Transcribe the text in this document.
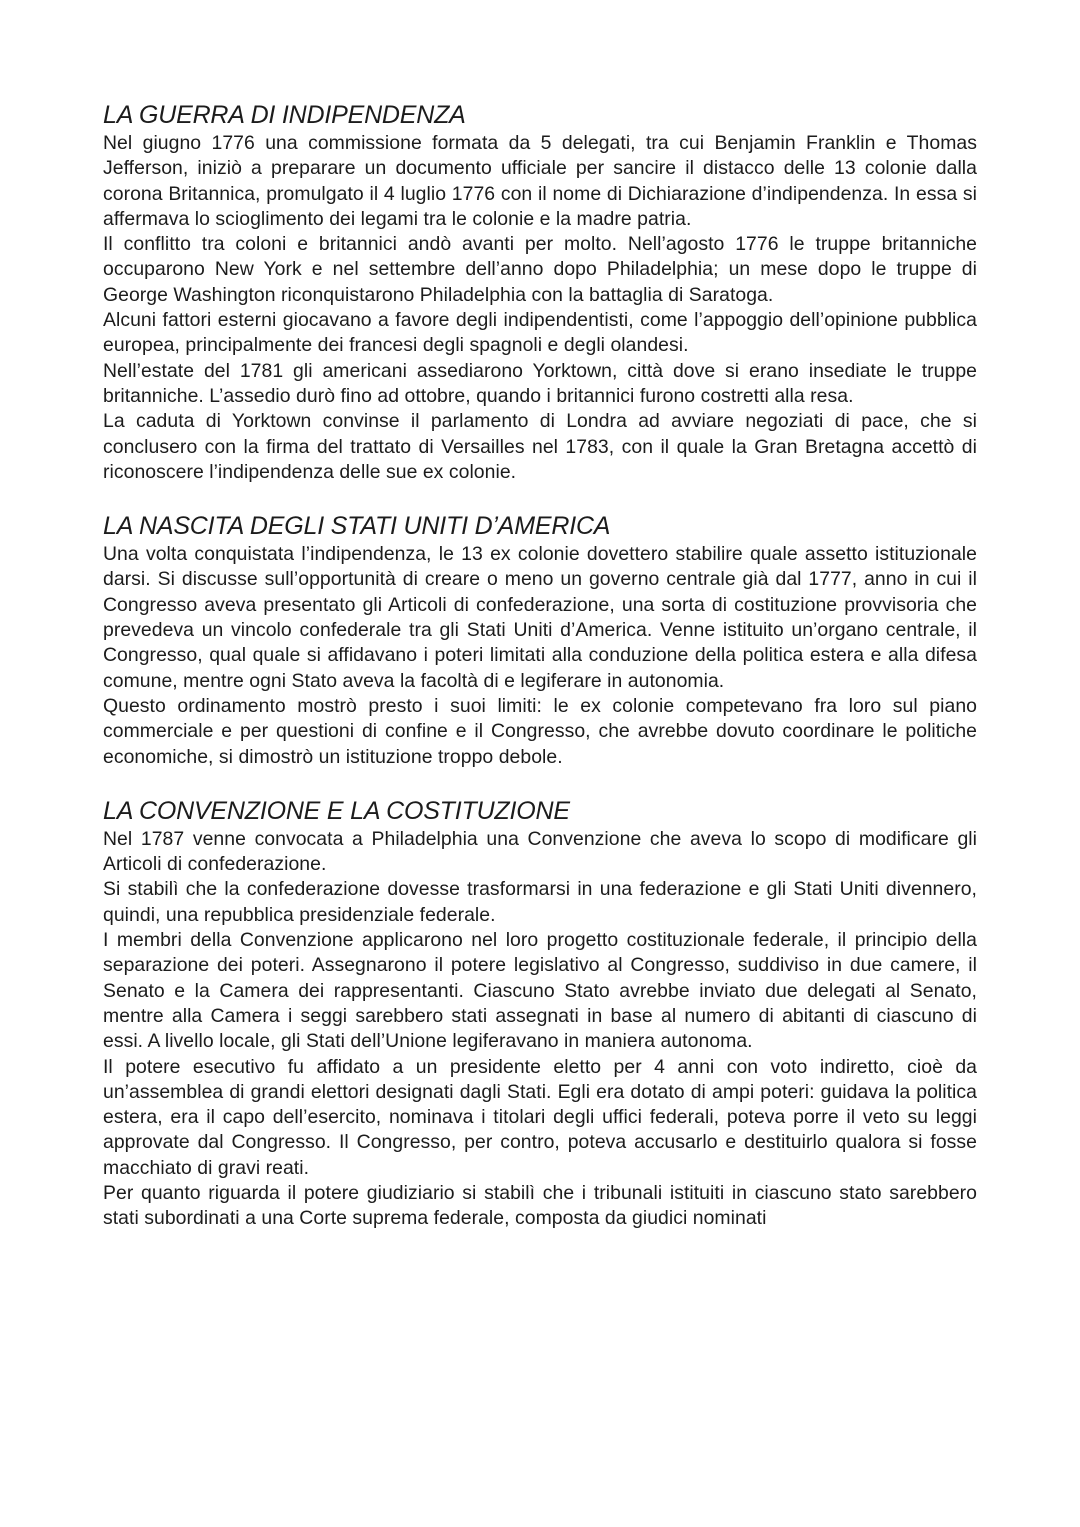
LA GUERRA DI INDIPENDENZA

Nel giugno 1776 una commissione formata da 5 delegati, tra cui Benjamin Franklin e Thomas Jefferson, iniziò a preparare un documento ufficiale per sancire il distacco delle 13 colonie dalla corona Britannica, promulgato il 4 luglio 1776 con il nome di Dichiarazione d’indipendenza. In essa si affermava lo scioglimento dei legami tra le colonie e la madre patria.

Il conflitto tra coloni e britannici andò avanti per molto. Nell’agosto 1776 le truppe britanniche occuparono New York e nel settembre dell’anno dopo Philadelphia; un mese dopo le truppe di George Washington riconquistarono Philadelphia con la battaglia di Saratoga.

Alcuni fattori esterni giocavano a favore degli indipendentisti, come l’appoggio dell’opinione pubblica europea, principalmente dei francesi degli spagnoli e degli olandesi.

Nell’estate del 1781 gli americani assediarono Yorktown, città dove si erano insediate le truppe britanniche. L’assedio durò fino ad ottobre, quando i britannici furono costretti alla resa.

La caduta di Yorktown convinse il parlamento di Londra ad avviare negoziati di pace, che si conclusero con la firma del trattato di Versailles nel 1783, con il quale la Gran Bretagna accettò di riconoscere l’indipendenza delle sue ex colonie.

LA NASCITA DEGLI STATI UNITI D’AMERICA

Una volta conquistata l’indipendenza, le 13 ex colonie dovettero stabilire quale assetto istituzionale darsi. Si discusse sull’opportunità di creare o meno un governo centrale già dal 1777, anno in cui il Congresso aveva presentato gli Articoli di confederazione, una sorta di costituzione provvisoria che prevedeva un vincolo confederale tra gli Stati Uniti d’America. Venne istituito un’organo centrale, il Congresso, qual quale si affidavano i poteri limitati alla conduzione della politica estera e alla difesa comune, mentre ogni Stato aveva la facoltà di e legiferare in autonomia.

Questo ordinamento mostrò presto i suoi limiti: le ex colonie competevano fra loro sul piano commerciale e per questioni di confine e il Congresso, che avrebbe dovuto coordinare le politiche economiche, si dimostrò un istituzione troppo debole.

LA CONVENZIONE E LA COSTITUZIONE

Nel 1787 venne convocata a Philadelphia una Convenzione che aveva lo scopo di modificare gli Articoli di confederazione.

Si stabilì che la confederazione dovesse trasformarsi in una federazione e gli Stati Uniti divennero, quindi, una repubblica presidenziale federale.

I membri della Convenzione applicarono nel loro progetto costituzionale federale, il principio della separazione dei poteri. Assegnarono il potere legislativo al Congresso, suddiviso in due camere, il Senato e la Camera dei rappresentanti. Ciascuno Stato avrebbe inviato due delegati al Senato, mentre alla Camera i seggi sarebbero stati assegnati in base al numero di abitanti di ciascuno di essi. A livello locale, gli Stati dell’Unione legiferavano in maniera autonoma.

Il potere esecutivo fu affidato a un presidente eletto per 4 anni con voto indiretto, cioè da un’assemblea di grandi elettori designati dagli Stati. Egli era dotato di ampi poteri: guidava la politica estera, era il capo dell’esercito, nominava i titolari degli uffici federali, poteva porre il veto su leggi approvate dal Congresso. Il Congresso, per contro, poteva accusarlo e destituirlo qualora si fosse macchiato di gravi reati.

Per quanto riguarda il potere giudiziario si stabilì che i tribunali istituiti in ciascuno stato sarebbero stati subordinati a una Corte suprema federale, composta da giudici nominati
